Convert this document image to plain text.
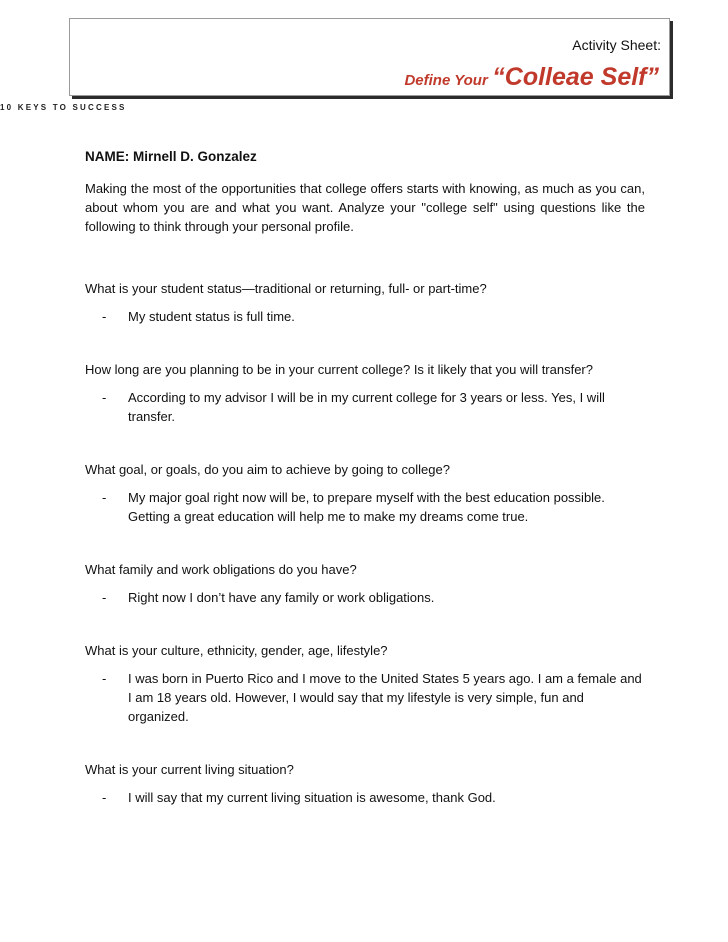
Activity Sheet:
Define Your “Colleae Self”
10 KEYS TO SUCCESS

NAME: Mirnell D. Gonzalez

Making the most of the opportunities that college offers starts with knowing, as much as you can, about whom you are and what you want. Analyze your "college self" using questions like the following to think through your personal profile.

What is your student status—traditional or returning, full- or part-time?

-	My student status is full time.

How long are you planning to be in your current college? Is it likely that you will transfer?

-	According to my advisor I will be in my current college for 3 years or less. Yes, I will transfer.

What goal, or goals, do you aim to achieve by going to college?

-	My major goal right now will be, to prepare myself with the best education possible. Getting a great education will help me to make my dreams come true.

What family and work obligations do you have?

-	Right now I don’t have any family or work obligations.

What is your culture, ethnicity, gender, age, lifestyle?

-	I was born in Puerto Rico and I move to the United States 5 years ago. I am a female and I am 18 years old. However, I would say that my lifestyle is very simple, fun and organized.

What is your current living situation?

-	I will say that my current living situation is awesome, thank God.
